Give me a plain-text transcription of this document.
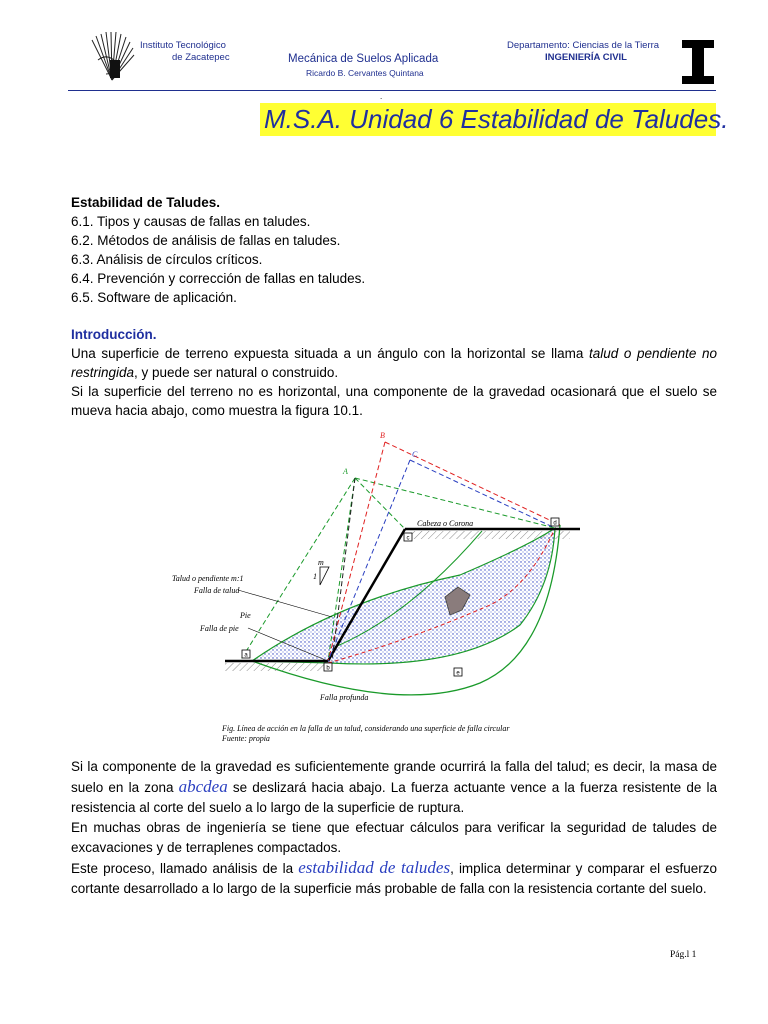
Instituto Tecnológico
de Zacatepec	Mecánica de Suelos Aplicada
Ricardo B. Cervantes Quintana
Departamento: Ciencias de la Tierra
INGENIERÍA CIVIL
.
M.S.A. Unidad 6 Estabilidad de Taludes.
Estabilidad de Taludes.
6.1. Tipos y causas de fallas en taludes.
6.2. Métodos de análisis de fallas en taludes.
6.3. Análisis de círculos críticos.
6.4. Prevención y corrección de fallas en taludes.
6.5. Software de aplicación.
Introducción.
Una superficie de terreno expuesta situada a un ángulo con la horizontal se llama talud o pendiente no restringida, y puede ser natural o construido.
Si la superficie del terreno no es horizontal, una componente de la gravedad ocasionará que el suelo se mueva hacia abajo, como muestra la figura 10.1.
a
b
c
d
e
m
1
A
B
C
Cabeza o Corona
Talud o pendiente m:1
Falla de talud
Pie
Falla de pie
Falla profunda
Fig. Línea de acción en la falla de un talud, considerando una superficie de falla circular
Fuente: propia
Si la componente de la gravedad es suficientemente grande ocurrirá la falla del talud; es decir, la masa de suelo en la zona abcdea se deslizará hacia abajo. La fuerza actuante vence a la fuerza resistente de la resistencia al corte del suelo a lo largo de la superficie de ruptura.
En muchas obras de ingeniería se tiene que efectuar cálculos para verificar la seguridad de taludes de excavaciones y de terraplenes compactados.
Este proceso, llamado análisis de la estabilidad de taludes, implica determinar y comparar el esfuerzo cortante desarrollado a lo largo de la superficie más probable de falla con la resistencia cortante del suelo.
Pág.l 1
